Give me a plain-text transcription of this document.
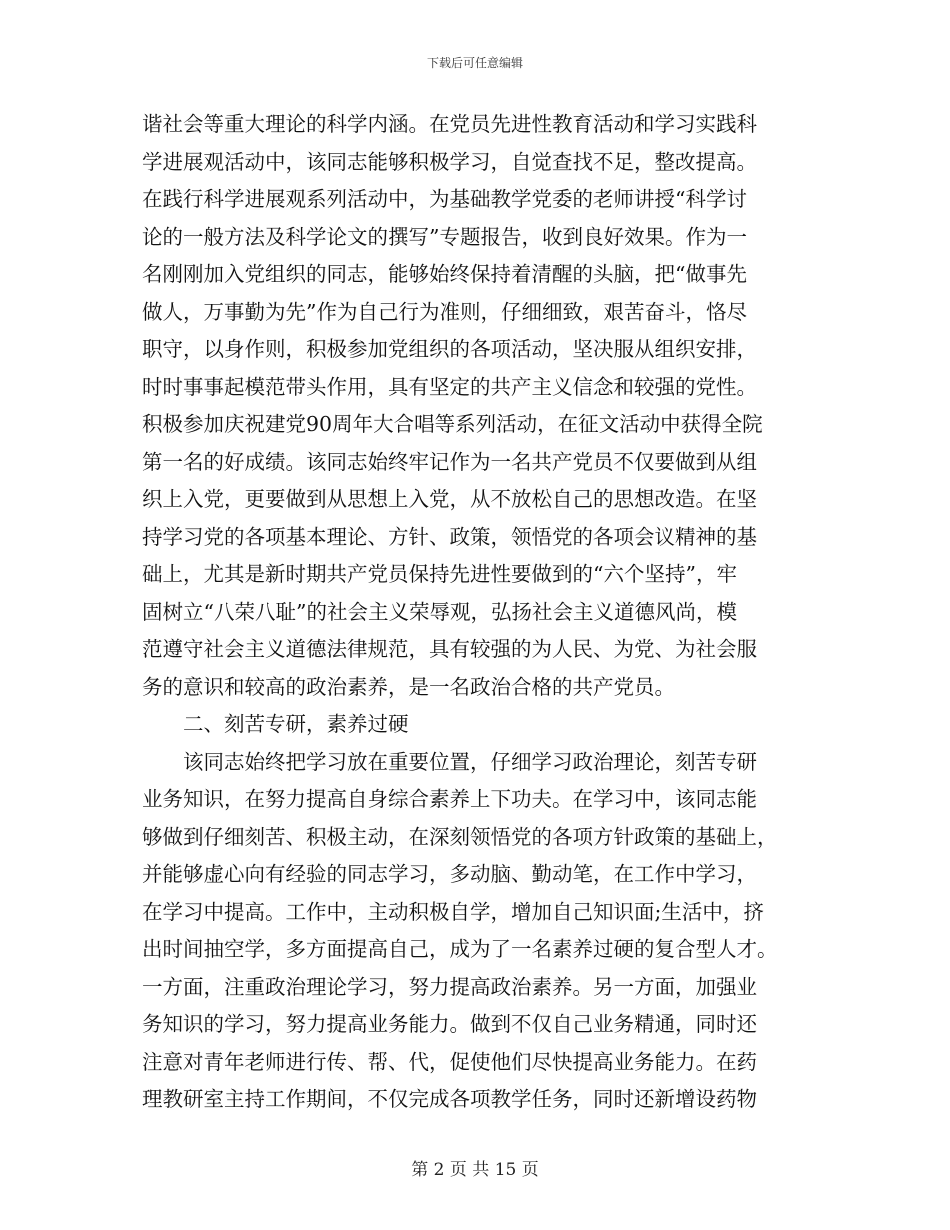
下载后可任意编辑
谐社会等重大理论的科学内涵。在党员先进性教育活动和学习实践科
学进展观活动中，该同志能够积极学习，自觉查找不足，整改提高。
在践行科学进展观系列活动中，为基础教学党委的老师讲授“科学讨
论的一般方法及科学论文的撰写”专题报告，收到良好效果。作为一
名刚刚加入党组织的同志，能够始终保持着清醒的头脑，把“做事先
做人，万事勤为先”作为自己行为准则，仔细细致，艰苦奋斗，恪尽
职守，以身作则，积极参加党组织的各项活动，坚决服从组织安排，
时时事事起模范带头作用，具有坚定的共产主义信念和较强的党性。
积极参加庆祝建党90周年大合唱等系列活动，在征文活动中获得全院
第一名的好成绩。该同志始终牢记作为一名共产党员不仅要做到从组
织上入党，更要做到从思想上入党，从不放松自己的思想改造。在坚
持学习党的各项基本理论、方针、政策，领悟党的各项会议精神的基
础上，尤其是新时期共产党员保持先进性要做到的“六个坚持”，牢
固树立“八荣八耻”的社会主义荣辱观，弘扬社会主义道德风尚，模
范遵守社会主义道德法律规范，具有较强的为人民、为党、为社会服
务的意识和较高的政治素养，是一名政治合格的共产党员。
　　二、刻苦专研，素养过硬
　　该同志始终把学习放在重要位置，仔细学习政治理论，刻苦专研
业务知识，在努力提高自身综合素养上下功夫。在学习中，该同志能
够做到仔细刻苦、积极主动，在深刻领悟党的各项方针政策的基础上，
并能够虚心向有经验的同志学习，多动脑、勤动笔，在工作中学习，
在学习中提高。工作中，主动积极自学，增加自己知识面;生活中，挤
出时间抽空学，多方面提高自己，成为了一名素养过硬的复合型人才。
一方面，注重政治理论学习，努力提高政治素养。另一方面，加强业
务知识的学习，努力提高业务能力。做到不仅自己业务精通，同时还
注意对青年老师进行传、帮、代，促使他们尽快提高业务能力。在药
理教研室主持工作期间，不仅完成各项教学任务，同时还新增设药物
第 2 页 共 15 页
